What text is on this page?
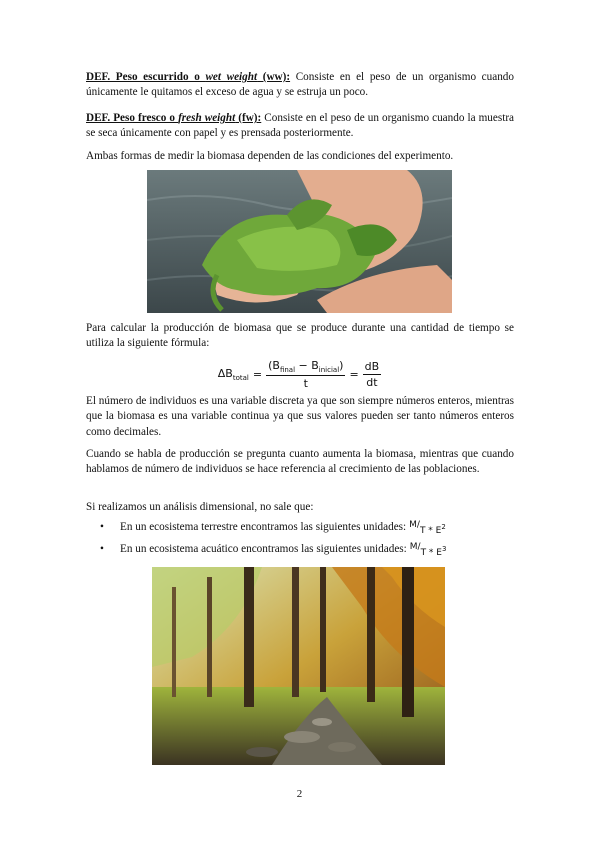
DEF. Peso escurrido o wet weight (ww): Consiste en el peso de un organismo cuando únicamente le quitamos el exceso de agua y se estruja un poco.

DEF. Peso fresco o fresh weight (fw): Consiste en el peso de un organismo cuando la muestra se seca únicamente con papel y es prensada posteriormente.

Ambas formas de medir la biomasa dependen de las condiciones del experimento.

Para calcular la producción de biomasa que se produce durante una cantidad de tiempo se utiliza la siguiente fórmula:

$\Delta B_{total} = \frac{(B_{final} - B_{inicial})}{t} = \frac{dB}{dt}$

El número de individuos es una variable discreta ya que son siempre números enteros, mientras que la biomasa es una variable continua ya que sus valores pueden ser tanto números enteros como decimales.

Cuando se habla de producción se pregunta cuanto aumenta la biomasa, mientras que cuando hablamos de número de individuos se hace referencia al crecimiento de las poblaciones.

Si realizamos un análisis dimensional, no sale que:

•	En un ecosistema terrestre encontramos las siguientes unidades: $M/T * E^2$
•	En un ecosistema acuático encontramos las siguientes unidades: $M/T * E^3$
2
